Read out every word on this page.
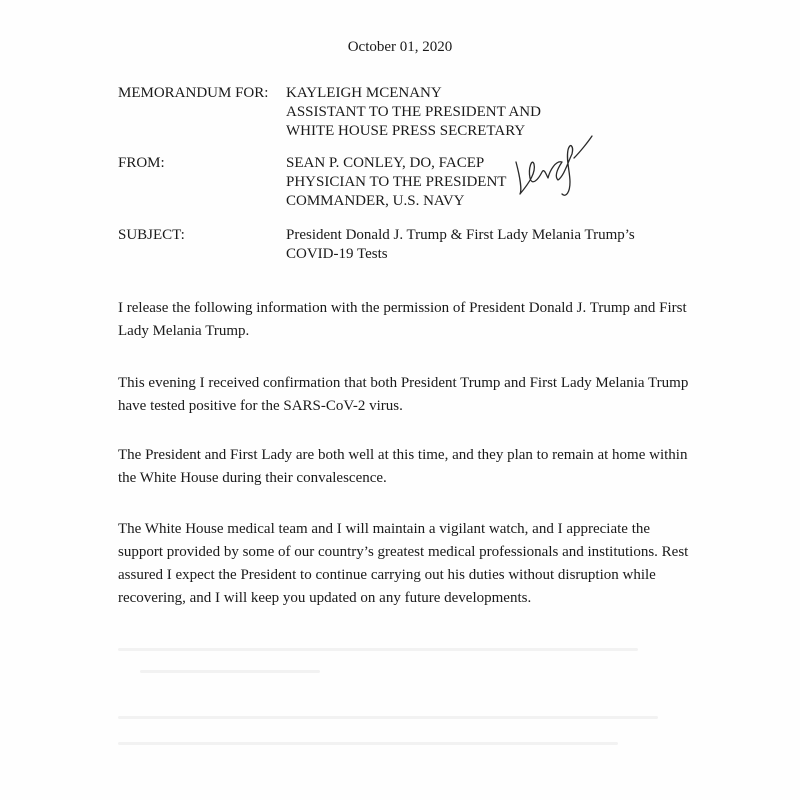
October 01, 2020
MEMORANDUM FOR:	KAYLEIGH MCENANY
ASSISTANT TO THE PRESIDENT AND
WHITE HOUSE PRESS SECRETARY
FROM:	SEAN P. CONLEY, DO, FACEP
PHYSICIAN TO THE PRESIDENT
COMMANDER, U.S. NAVY
SUBJECT:	President Donald J. Trump & First Lady Melania Trump’s
COVID-19 Tests
I release the following information with the permission of President Donald J. Trump and First Lady Melania Trump.
This evening I received confirmation that both President Trump and First Lady Melania Trump have tested positive for the SARS-CoV-2 virus.
The President and First Lady are both well at this time, and they plan to remain at home within the White House during their convalescence.
The White House medical team and I will maintain a vigilant watch, and I appreciate the support provided by some of our country’s greatest medical professionals and institutions. Rest assured I expect the President to continue carrying out his duties without disruption while recovering, and I will keep you updated on any future developments.
